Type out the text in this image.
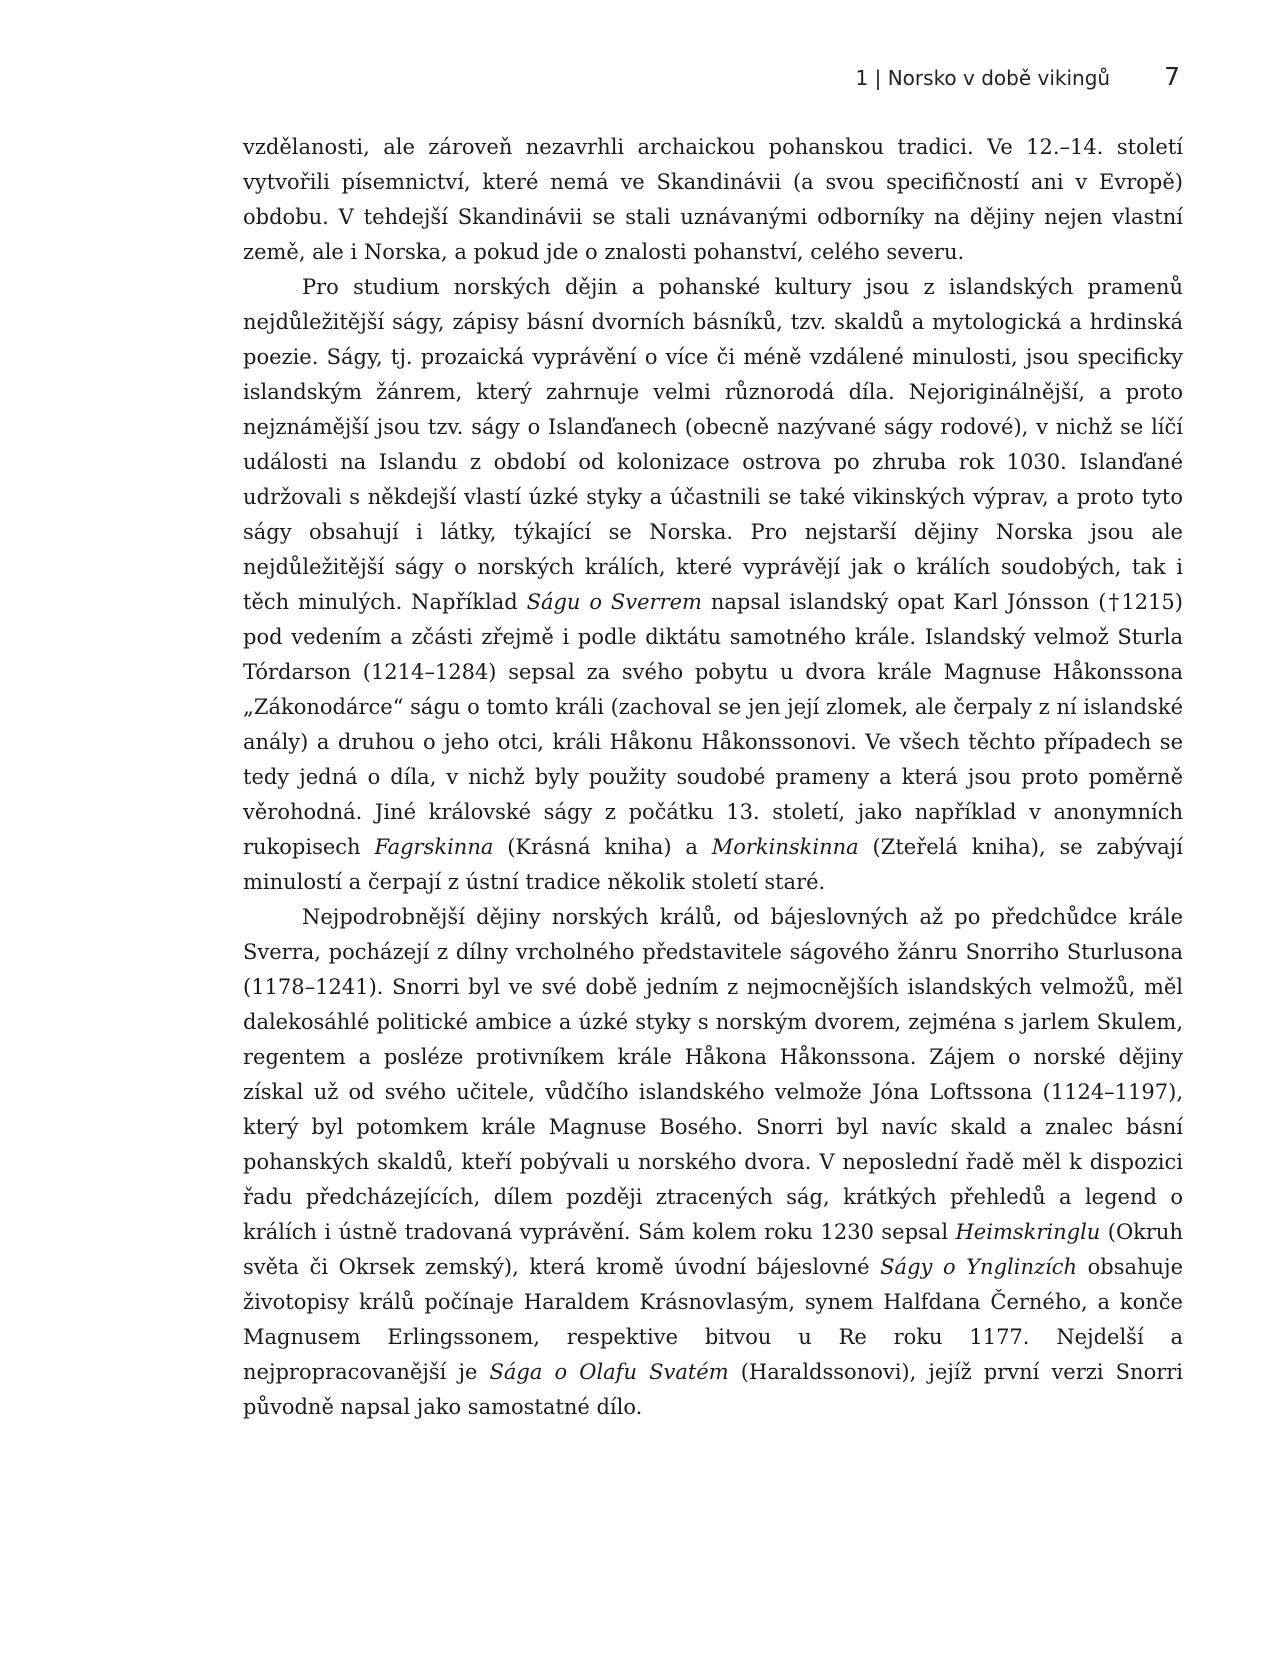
1 | Norsko v době vikingů 7

vzdělanosti, ale zároveň nezavrhli archaickou pohanskou tradici. Ve 12.–14. století vytvořili písemnictví, které nemá ve Skandinávii (a svou specifičností ani v Evropě) obdobu. V tehdejší Skandinávii se stali uznávanými odborníky na dějiny nejen vlastní země, ale i Norska, a pokud jde o znalosti pohanství, celého severu.

Pro studium norských dějin a pohanské kultury jsou z islandských pramenů nejdůležitější ságy, zápisy básní dvorních básníků, tzv. skaldů a mytologická a hrdinská poezie. Ságy, tj. prozaická vyprávění o více či méně vzdálené minulosti, jsou specificky islandským žánrem, který zahrnuje velmi různorodá díla. Nejoriginálnější, a proto nejznámější jsou tzv. ságy o Islanďanech (obecně nazývané ságy rodové), v nichž se líčí události na Islandu z období od kolonizace ostrova po zhruba rok 1030. Islanďané udržovali s někdejší vlastí úzké styky a účastnili se také vikinských výprav, a proto tyto ságy obsahují i látky, týkající se Norska. Pro nejstarší dějiny Norska jsou ale nejdůležitější ságy o norských králích, které vyprávějí jak o králích soudobých, tak i těch minulých. Například Ságu o Sverrem napsal islandský opat Karl Jónsson (†1215) pod vedením a zčásti zřejmě i podle diktátu samotného krále. Islandský velmož Sturla Tórdarson (1214–1284) sepsal za svého pobytu u dvora krále Magnuse Håkonssona „Zákonodárce“ ságu o tomto králi (zachoval se jen její zlomek, ale čerpaly z ní islandské anály) a druhou o jeho otci, králi Håkonu Håkonssonovi. Ve všech těchto případech se tedy jedná o díla, v nichž byly použity soudobé prameny a která jsou proto poměrně věrohodná. Jiné královské ságy z počátku 13. století, jako například v anonymních rukopisech Fagrskinna (Krásná kniha) a Morkinskinna (Zteřelá kniha), se zabývají minulostí a čerpají z ústní tradice několik století staré.

Nejpodrobnější dějiny norských králů, od bájeslovných až po předchůdce krále Sverra, pocházejí z dílny vrcholného představitele ságového žánru Snorriho Sturlusona (1178–1241). Snorri byl ve své době jedním z nejmocnějších islandských velmožů, měl dalekosáhlé politické ambice a úzké styky s norským dvorem, zejména s jarlem Skulem, regentem a posléze protivníkem krále Håkona Håkonssona. Zájem o norské dějiny získal už od svého učitele, vůdčího islandského velmože Jóna Loftssona (1124–1197), který byl potomkem krále Magnuse Bosého. Snorri byl navíc skald a znalec básní pohanských skaldů, kteří pobývali u norského dvora. V neposlední řadě měl k dispozici řadu předcházejících, dílem později ztracených ság, krátkých přehledů a legend o králích i ústně tradovaná vyprávění. Sám kolem roku 1230 sepsal Heimskringlu (Okruh světa či Okrsek zemský), která kromě úvodní bájeslovné Ságy o Ynglinzích obsahuje životopisy králů počínaje Haraldem Krásnovlasým, synem Halfdana Černého, a konče Magnusem Erlingssonem, respektive bitvou u Re roku 1177. Nejdelší a nejpropracovanější je Sága o Olafu Svatém (Haraldssonovi), jejíž první verzi Snorri původně napsal jako samostatné dílo.
